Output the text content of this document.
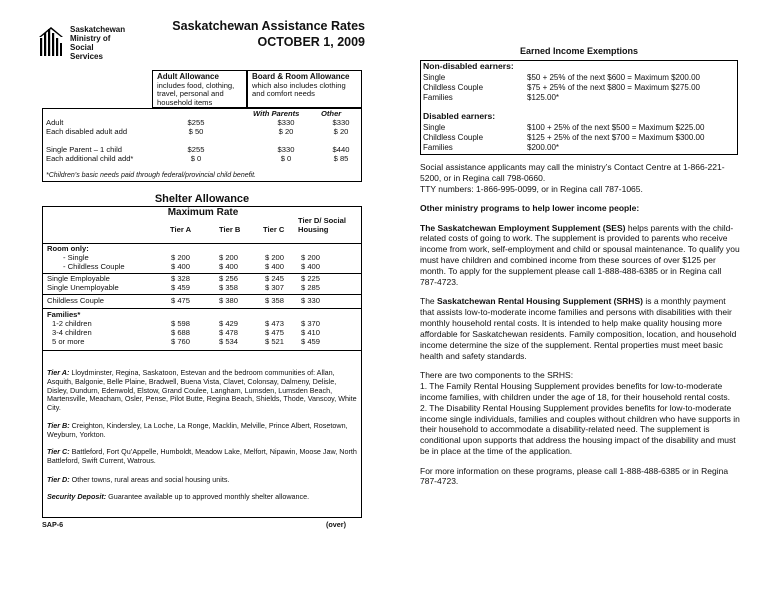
Saskatchewan
Ministry of
Social
Services
Saskatchewan Assistance Rates
OCTOBER 1, 2009
Adult Allowance
includes food, clothing, travel, personal and household items
Board & Room Allowance
which also includes clothing and comfort needs
With Parents	Other
Adult	$255	$330	$330
Each disabled adult add	$ 50	$ 20	$ 20
Single Parent – 1 child	$255	$330	$440
Each additional child add*	$ 0	$ 0	$ 85
*Children’s basic needs paid through federal/provincial child benefit.
Shelter Allowance
Maximum Rate
Tier A	Tier B	Tier C
Tier D/ Social Housing
Room only:
- Single	$ 200	$ 200	$ 200 $ 200
- Childless Couple	$ 400	$ 400	$ 400 $ 400
Single Employable	$ 328	$ 256	$ 245 $ 225
Single Unemployable	$ 459	$ 358	$ 307 $ 285
Childless Couple	$ 475	$ 380	$ 358 $ 330
Families*
1-2 children	$ 598	$ 429	$ 473 $ 370
3-4 children	$ 688	$ 478	$ 475 $ 410
5 or more	$ 760	$ 534	$ 521 $ 459
Tier A: Lloydminster, Regina, Saskatoon, Estevan and the bedroom communities of: Allan, Asquith, Balgonie, Belle Plaine, Bradwell, Buena Vista, Clavet, Colonsay, Dalmeny, Delisle, Disley, Dundurn, Edenwold, Elstow, Grand Coulee, Langham, Lumsden, Lumsden Beach, Martensville, Meacham, Osler, Pense, Pilot Butte, Regina Beach, Shields, Thode, Vanscoy, White City.
Tier B: Creighton, Kindersley, La Loche, La Ronge, Macklin, Melville, Prince Albert, Rosetown, Weyburn, Yorkton.
Tier C: Battleford, Fort Qu’Appelle, Humboldt, Meadow Lake, Melfort, Nipawin, Moose Jaw, North Battleford, Swift Current, Watrous.
Tier D: Other towns, rural areas and social housing units.
Security Deposit: Guarantee available up to approved monthly shelter allowance.
SAP-6	(over)
Earned Income Exemptions
Non-disabled earners:
Single	$50 + 25% of the next $600 = Maximum $200.00
Childless Couple	$75 + 25% of the next $800 = Maximum $275.00
Families	$125.00*
Disabled earners:
Single	$100 + 25% of the next $500 = Maximum $225.00
Childless Couple	$125 + 25% of the next $700 = Maximum $300.00
Families	$200.00*

Social assistance applicants may call the ministry’s Contact Centre at 1-866-221-5200, or in Regina call 798-0660.

TTY numbers: 1-866-995-0099, or in Regina call 787-1065.

Other ministry programs to help lower income people:

The Saskatchewan Employment Supplement (SES) helps parents with the child-related costs of going to work. The supplement is provided to parents who receive income from work, self-employment and child or spousal maintenance. To qualify you must have children and combined income from these sources of over $125 per month. To apply for the supplement please call 1-888-488-6385 or in Regina call 787-4723.

The Saskatchewan Rental Housing Supplement (SRHS) is a monthly payment that assists low-to-moderate income families and persons with disabilities with their monthly household rental costs. It is intended to help make quality housing more affordable for Saskatchewan residents. Family composition, location, and household income determine the size of the supplement. Rental properties must meet basic health and safety standards.

There are two components to the SRHS:

1. The Family Rental Housing Supplement provides benefits for low-to-moderate income families, with children under the age of 18, for their household rental costs.

2. The Disability Rental Housing Supplement provides benefits for low-to-moderate income single individuals, families and couples without children who have supports in their household to accommodate a disability-related need. The supplement is conditional upon supports that address the housing impact of the disability and must be in place at the time of the application.

For more information on these programs, please call 1-888-488-6385 or in Regina 787-4723.
